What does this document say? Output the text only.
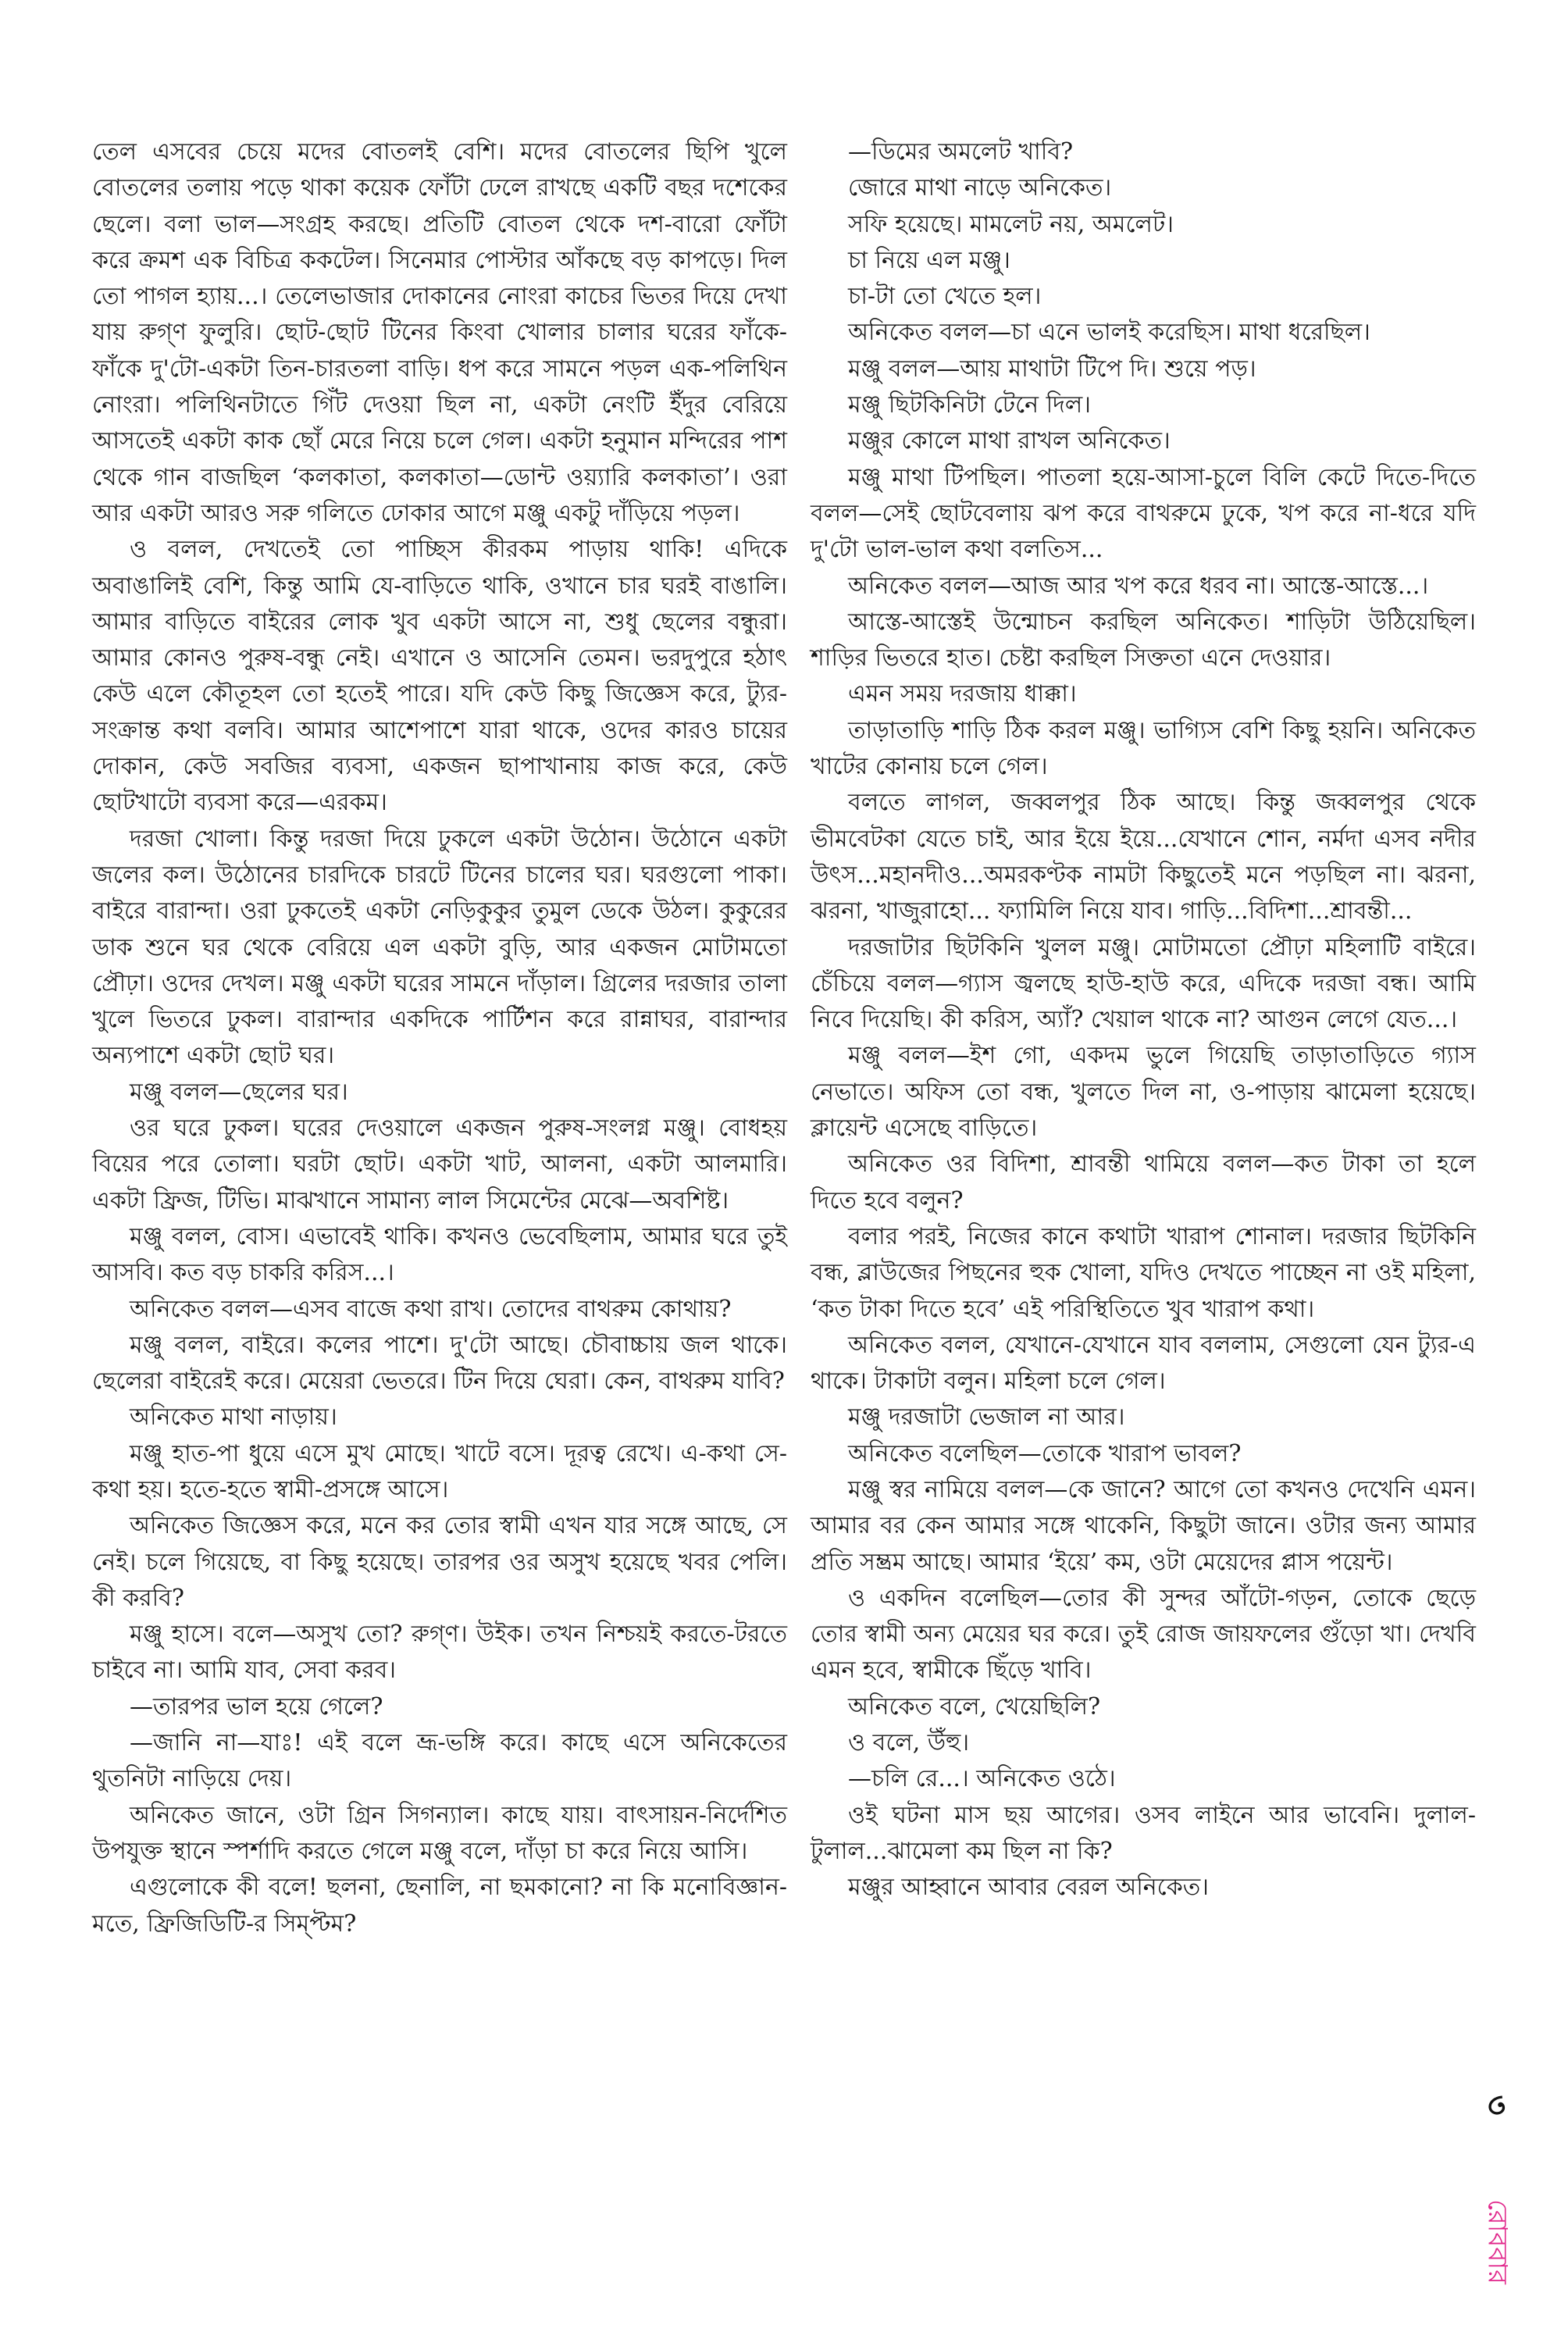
তেল এসবের চেয়ে মদের বোতলই বেশি। মদের বোতলের ছিপি খুলে বোতলের তলায় পড়ে থাকা কয়েক ফোঁটা ঢেলে রাখছে একটি বছর দশেকের ছেলে। বলা ভাল—সংগ্রহ করছে। প্রতিটি বোতল থেকে দশ-বারো ফোঁটা করে ক্রমশ এক বিচিত্র ককটেল। সিনেমার পোস্টার আঁকছে বড় কাপড়ে। দিল তো পাগল হ্যায়...। তেলেভাজার দোকানের নোংরা কাচের ভিতর দিয়ে দেখা যায় রুগ্‌ণ ফুলুরি। ছোট-ছোট টিনের কিংবা খোলার চালার ঘরের ফাঁকে-ফাঁকে দু'টো-একটা তিন-চারতলা বাড়ি। ধপ করে সামনে পড়ল এক-পলিথিন নোংরা। পলিথিনটাতে গিঁট দেওয়া ছিল না, একটা নেংটি ইঁদুর বেরিয়ে আসতেই একটা কাক ছোঁ মেরে নিয়ে চলে গেল। একটা হনুমান মন্দিরের পাশ থেকে গান বাজছিল ‘কলকাতা, কলকাতা—ডোন্ট ওয়্যারি কলকাতা’। ওরা আর একটা আরও সরু গলিতে ঢোকার আগে মঞ্জু একটু দাঁড়িয়ে পড়ল।

ও বলল, দেখতেই তো পাচ্ছিস কীরকম পাড়ায় থাকি! এদিকে অবাঙালিই বেশি, কিন্তু আমি যে-বাড়িতে থাকি, ওখানে চার ঘরই বাঙালি। আমার বাড়িতে বাইরের লোক খুব একটা আসে না, শুধু ছেলের বন্ধুরা। আমার কোনও পুরুষ-বন্ধু নেই। এখানে ও আসেনি তেমন। ভরদুপুরে হঠাৎ কেউ এলে কৌতূহল তো হতেই পারে। যদি কেউ কিছু জিজ্ঞেস করে, ট্যুর-সংক্রান্ত কথা বলবি। আমার আশেপাশে যারা থাকে, ওদের কারও চায়ের দোকান, কেউ সবজির ব্যবসা, একজন ছাপাখানায় কাজ করে, কেউ ছোটখাটো ব্যবসা করে—এরকম।

দরজা খোলা। কিন্তু দরজা দিয়ে ঢুকলে একটা উঠোন। উঠোনে একটা জলের কল। উঠোনের চারদিকে চারটে টিনের চালের ঘর। ঘরগুলো পাকা। বাইরে বারান্দা। ওরা ঢুকতেই একটা নেড়িকুকুর তুমুল ডেকে উঠল। কুকুরের ডাক শুনে ঘর থেকে বেরিয়ে এল একটা বুড়ি, আর একজন মোটামতো প্রৌঢ়া। ওদের দেখল। মঞ্জু একটা ঘরের সামনে দাঁড়াল। গ্রিলের দরজার তালা খুলে ভিতরে ঢুকল। বারান্দার একদিকে পার্টিশন করে রান্নাঘর, বারান্দার অন্যপাশে একটা ছোট ঘর।

মঞ্জু বলল—ছেলের ঘর।

ওর ঘরে ঢুকল। ঘরের দেওয়ালে একজন পুরুষ-সংলগ্ন মঞ্জু। বোধহয় বিয়ের পরে তোলা। ঘরটা ছোট। একটা খাট, আলনা, একটা আলমারি। একটা ফ্রিজ, টিভি। মাঝখানে সামান্য লাল সিমেন্টের মেঝে—অবশিষ্ট।

মঞ্জু বলল, বোস। এভাবেই থাকি। কখনও ভেবেছিলাম, আমার ঘরে তুই আসবি। কত বড় চাকরি করিস...।

অনিকেত বলল—এসব বাজে কথা রাখ। তোদের বাথরুম কোথায়?

মঞ্জু বলল, বাইরে। কলের পাশে। দু'টো আছে। চৌবাচ্চায় জল থাকে। ছেলেরা বাইরেই করে। মেয়েরা ভেতরে। টিন দিয়ে ঘেরা। কেন, বাথরুম যাবি?

অনিকেত মাথা নাড়ায়।

মঞ্জু হাত-পা ধুয়ে এসে মুখ মোছে। খাটে বসে। দূরত্ব রেখে। এ-কথা সে-কথা হয়। হতে-হতে স্বামী-প্রসঙ্গে আসে।

অনিকেত জিজ্ঞেস করে, মনে কর তোর স্বামী এখন যার সঙ্গে আছে, সে নেই। চলে গিয়েছে, বা কিছু হয়েছে। তারপর ওর অসুখ হয়েছে খবর পেলি। কী করবি?

মঞ্জু হাসে। বলে—অসুখ তো? রুগ্‌ণ। উইক। তখন নিশ্চয়ই করতে-টরতে চাইবে না। আমি যাব, সেবা করব।

—তারপর ভাল হয়ে গেলে?

—জানি না—যাঃ! এই বলে ভ্রূ-ভঙ্গি করে। কাছে এসে অনিকেতের থুতনিটা নাড়িয়ে দেয়।

অনিকেত জানে, ওটা গ্রিন সিগন্যাল। কাছে যায়। বাৎসায়ন-নির্দেশিত উপযুক্ত স্থানে স্পর্শাদি করতে গেলে মঞ্জু বলে, দাঁড়া চা করে নিয়ে আসি।

এগুলোকে কী বলে! ছলনা, ছেনালি, না ছমকানো? না কি মনোবিজ্ঞান-মতে, ফ্রিজিডিটি-র সিম্প্টম?

—ডিমের অমলেট খাবি?

জোরে মাথা নাড়ে অনিকেত।

সফি হয়েছে। মামলেট নয়, অমলেট।

চা নিয়ে এল মঞ্জু।

চা-টা তো খেতে হল।

অনিকেত বলল—চা এনে ভালই করেছিস। মাথা ধরেছিল।

মঞ্জু বলল—আয় মাথাটা টিপে দি। শুয়ে পড়।

মঞ্জু ছিটকিনিটা টেনে দিল।

মঞ্জুর কোলে মাথা রাখল অনিকেত।

মঞ্জু মাথা টিপছিল। পাতলা হয়ে-আসা-চুলে বিলি কেটে দিতে-দিতে বলল—সেই ছোটবেলায় ঝপ করে বাথরুমে ঢুকে, খপ করে না-ধরে যদি দু'টো ভাল-ভাল কথা বলতিস...

অনিকেত বলল—আজ আর খপ করে ধরব না। আস্তে-আস্তে...।

আস্তে-আস্তেই উন্মোচন করছিল অনিকেত। শাড়িটা উঠিয়েছিল। শাড়ির ভিতরে হাত। চেষ্টা করছিল সিক্ততা এনে দেওয়ার।

এমন সময় দরজায় ধাক্কা।

তাড়াতাড়ি শাড়ি ঠিক করল মঞ্জু। ভাগ্যিস বেশি কিছু হয়নি। অনিকেত খাটের কোনায় চলে গেল।

বলতে লাগল, জব্বলপুর ঠিক আছে। কিন্তু জব্বলপুর থেকে ভীমবেটকা যেতে চাই, আর ইয়ে ইয়ে...যেখানে শোন, নর্মদা এসব নদীর উৎস...মহানদীও...অমরকণ্টক নামটা কিছুতেই মনে পড়ছিল না। ঝরনা, ঝরনা, খাজুরাহো... ফ্যামিলি নিয়ে যাব। গাড়ি...বিদিশা...শ্রাবন্তী...

দরজাটার ছিটকিনি খুলল মঞ্জু। মোটামতো প্রৌঢ়া মহিলাটি বাইরে। চেঁচিয়ে বলল—গ্যাস জ্বলছে হাউ-হাউ করে, এদিকে দরজা বন্ধ। আমি নিবে দিয়েছি। কী করিস, অ্যাঁ? খেয়াল থাকে না? আগুন লেগে যেত...।

মঞ্জু বলল—ইশ গো, একদম ভুলে গিয়েছি তাড়াতাড়িতে গ্যাস নেভাতে। অফিস তো বন্ধ, খুলতে দিল না, ও-পাড়ায় ঝামেলা হয়েছে। ক্লায়েন্ট এসেছে বাড়িতে।

অনিকেত ওর বিদিশা, শ্রাবন্তী থামিয়ে বলল—কত টাকা তা হলে দিতে হবে বলুন?

বলার পরই, নিজের কানে কথাটা খারাপ শোনাল। দরজার ছিটকিনি বন্ধ, ব্লাউজের পিছনের হুক খোলা, যদিও দেখতে পাচ্ছেন না ওই মহিলা, ‘কত টাকা দিতে হবে’ এই পরিস্থিতিতে খুব খারাপ কথা।

অনিকেত বলল, যেখানে-যেখানে যাব বললাম, সেগুলো যেন ট্যুর-এ থাকে। টাকাটা বলুন। মহিলা চলে গেল।

মঞ্জু দরজাটা ভেজাল না আর।

অনিকেত বলেছিল—তোকে খারাপ ভাবল?

মঞ্জু স্বর নামিয়ে বলল—কে জানে? আগে তো কখনও দেখেনি এমন। আমার বর কেন আমার সঙ্গে থাকেনি, কিছুটা জানে। ওটার জন্য আমার প্রতি সম্ভ্রম আছে। আমার ‘ইয়ে’ কম, ওটা মেয়েদের প্লাস পয়েন্ট।

ও একদিন বলেছিল—তোর কী সুন্দর আঁটো-গড়ন, তোকে ছেড়ে তোর স্বামী অন্য মেয়ের ঘর করে। তুই রোজ জায়ফলের গুঁড়ো খা। দেখবি এমন হবে, স্বামীকে ছিঁড়ে খাবি।

অনিকেত বলে, খেয়েছিলি?

ও বলে, উঁহু।

—চলি রে...। অনিকেত ওঠে।

ওই ঘটনা মাস ছয় আগের। ওসব লাইনে আর ভাবেনি। দুলাল-টুলাল...ঝামেলা কম ছিল না কি?

মঞ্জুর আহ্বানে আবার বেরল অনিকেত।

৩
রোববার
